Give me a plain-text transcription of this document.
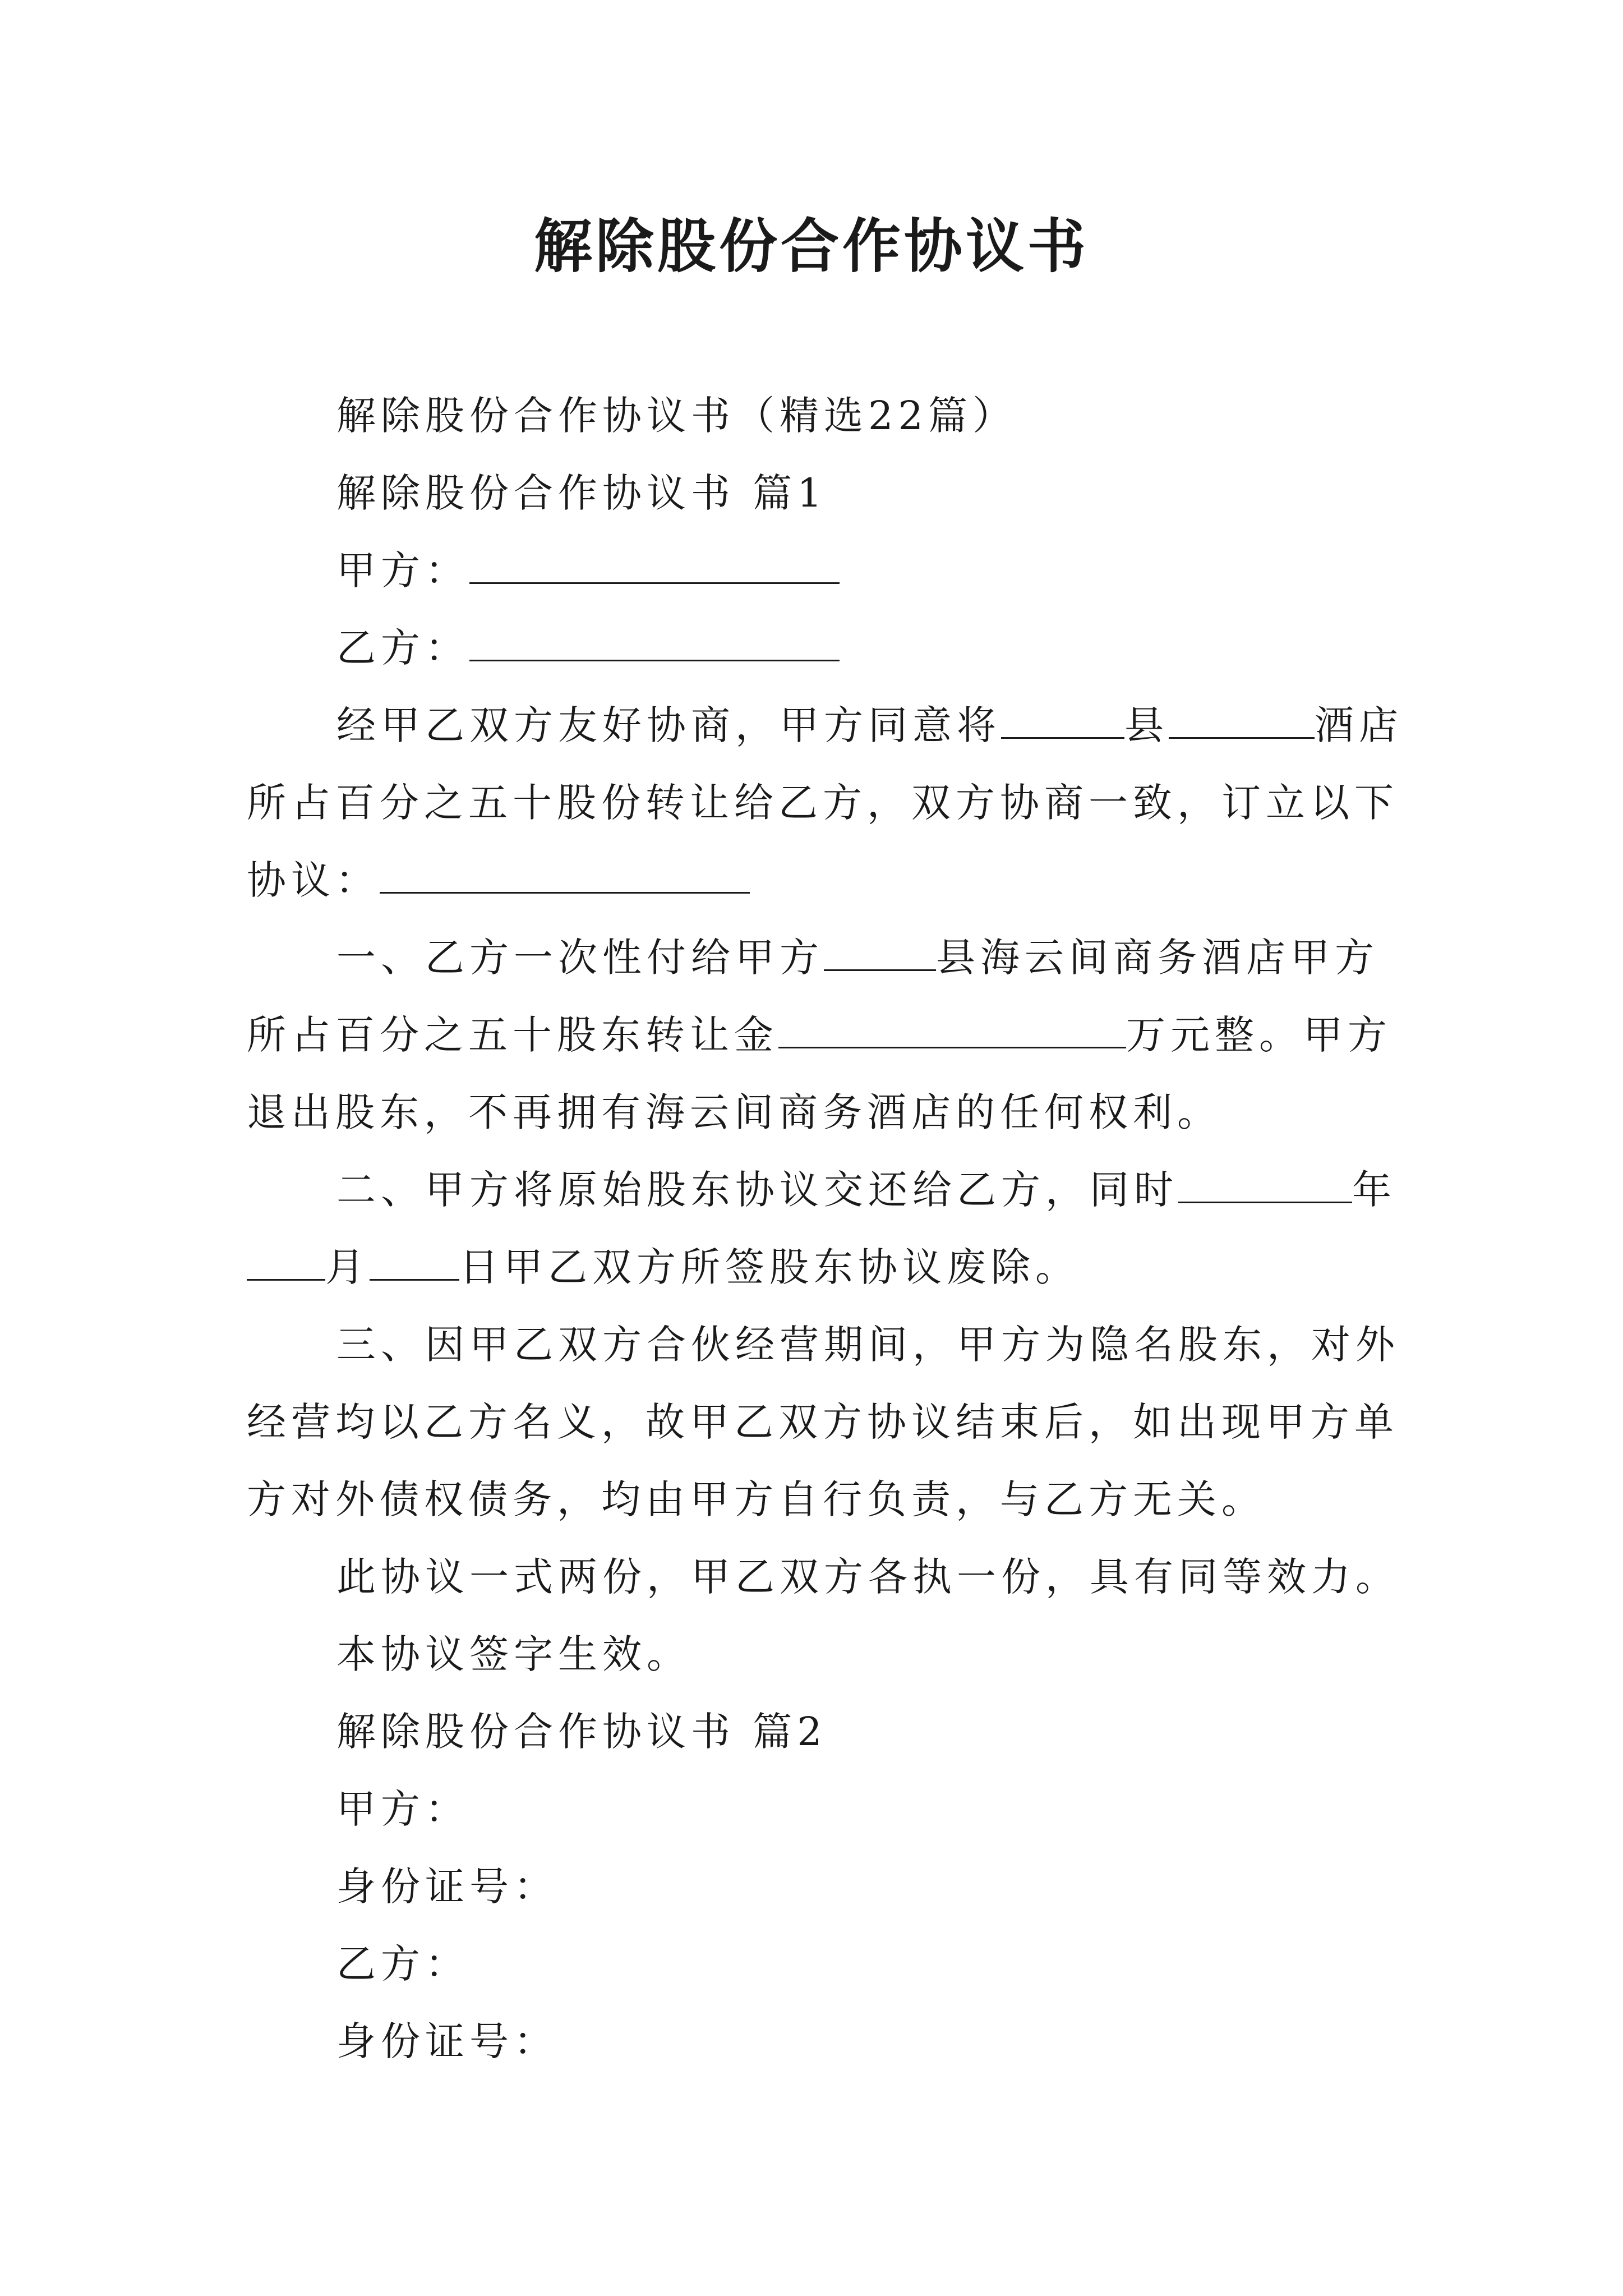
解除股份合作协议书
解除股份合作协议书（精选22篇）
解除股份合作协议书 篇1
甲方：
乙方：
经甲乙双方友好协商，甲方同意将	县	酒店
所占百分之五十股份转让给乙方，双方协商一致，订立以下
协议：
一、乙方一次性付给甲方	县海云间商务酒店甲方
所占百分之五十股东转让金	万元整。甲方
退出股东，不再拥有海云间商务酒店的任何权利。
二、甲方将原始股东协议交还给乙方，同时	年
月 日甲乙双方所签股东协议废除。
三、因甲乙双方合伙经营期间，甲方为隐名股东，对外
经营均以乙方名义，故甲乙双方协议结束后，如出现甲方单
方对外债权债务，均由甲方自行负责，与乙方无关。
此协议一式两份，甲乙双方各执一份，具有同等效力。
本协议签字生效。
解除股份合作协议书 篇2
甲方：
身份证号：
乙方：
身份证号：
